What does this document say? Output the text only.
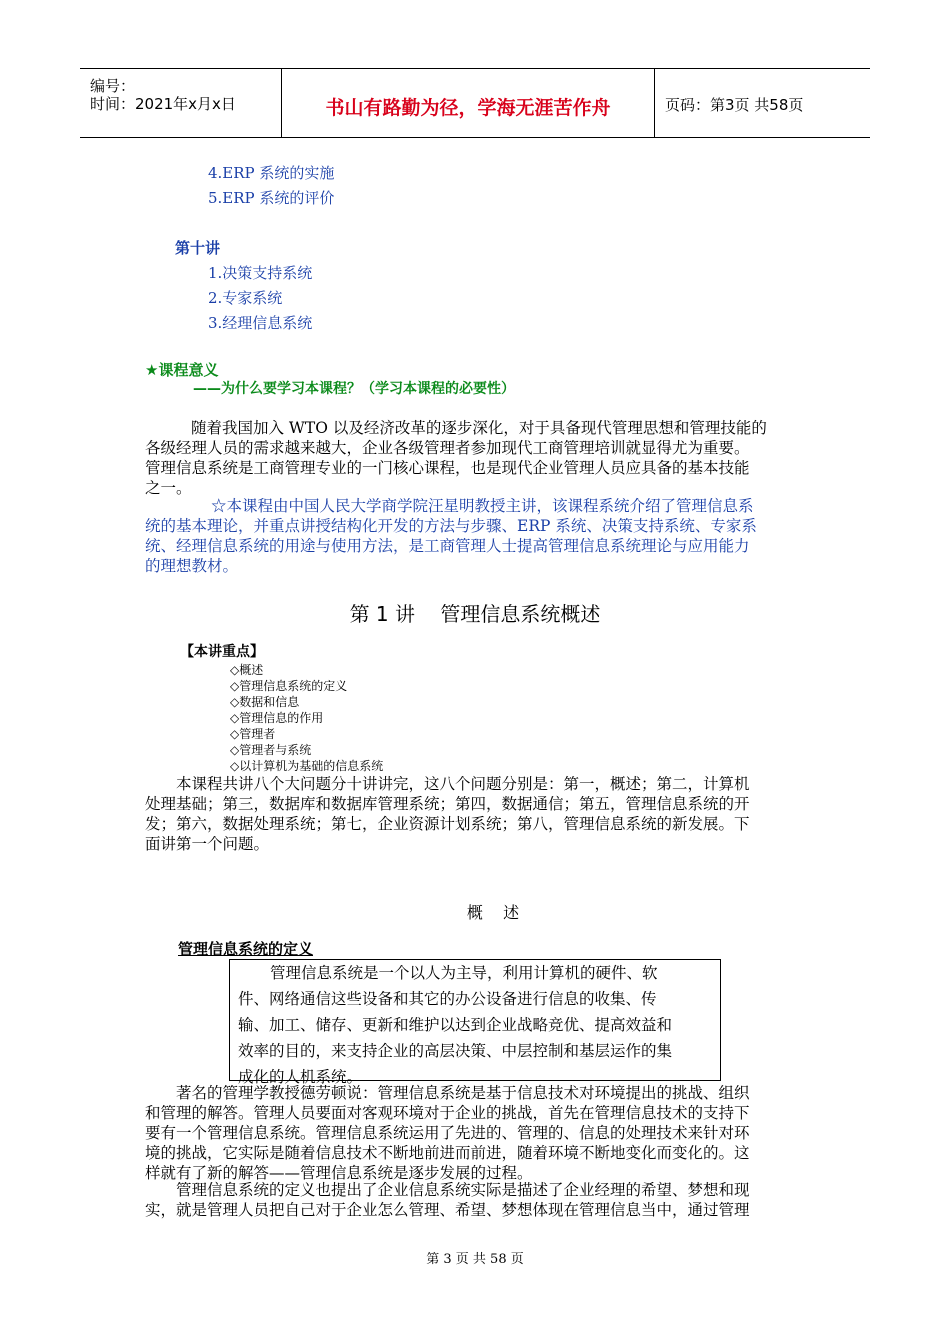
编号：
时间：2021年x月x日	书山有路勤为径，学海无涯苦作舟	页码：第3页 共58页
4.ERP 系统的实施
5.ERP 系统的评价
第十讲
1.决策支持系统
2.专家系统
3.经理信息系统
★课程意义
——为什么要学习本课程？（学习本课程的必要性）
随着我国加入 WTO 以及经济改革的逐步深化，对于具备现代管理思想和管理技能的
各级经理人员的需求越来越大，企业各级管理者参加现代工商管理培训就显得尤为重要。
管理信息系统是工商管理专业的一门核心课程，也是现代企业管理人员应具备的基本技能
之一。
☆本课程由中国人民大学商学院汪星明教授主讲，该课程系统介绍了管理信息系
统的基本理论，并重点讲授结构化开发的方法与步骤、ERP 系统、决策支持系统、专家系
统、经理信息系统的用途与使用方法，是工商管理人士提高管理信息系统理论与应用能力
的理想教材。
第 1 讲    管理信息系统概述
【本讲重点】
◇概述
◇管理信息系统的定义
◇数据和信息
◇管理信息的作用
◇管理者
◇管理者与系统
◇以计算机为基础的信息系统
本课程共讲八个大问题分十讲讲完，这八个问题分别是：第一，概述；第二，计算机
处理基础；第三，数据库和数据库管理系统；第四，数据通信；第五，管理信息系统的开
发；第六，数据处理系统；第七，企业资源计划系统；第八，管理信息系统的新发展。下
面讲第一个问题。
概    述
管理信息系统的定义
管理信息系统是一个以人为主导，利用计算机的硬件、软
件、网络通信这些设备和其它的办公设备进行信息的收集、传
输、加工、储存、更新和维护以达到企业战略竞优、提高效益和
效率的目的，来支持企业的高层决策、中层控制和基层运作的集
成化的人机系统。
著名的管理学教授德劳顿说：管理信息系统是基于信息技术对环境提出的挑战、组织
和管理的解答。管理人员要面对客观环境对于企业的挑战，首先在管理信息技术的支持下
要有一个管理信息系统。管理信息系统运用了先进的、管理的、信息的处理技术来针对环
境的挑战，它实际是随着信息技术不断地前进而前进，随着环境不断地变化而变化的。这
样就有了新的解答——管理信息系统是逐步发展的过程。
管理信息系统的定义也提出了企业信息系统实际是描述了企业经理的希望、梦想和现
实，就是管理人员把自己对于企业怎么管理、希望、梦想体现在管理信息当中，通过管理
第 3 页 共 58 页
